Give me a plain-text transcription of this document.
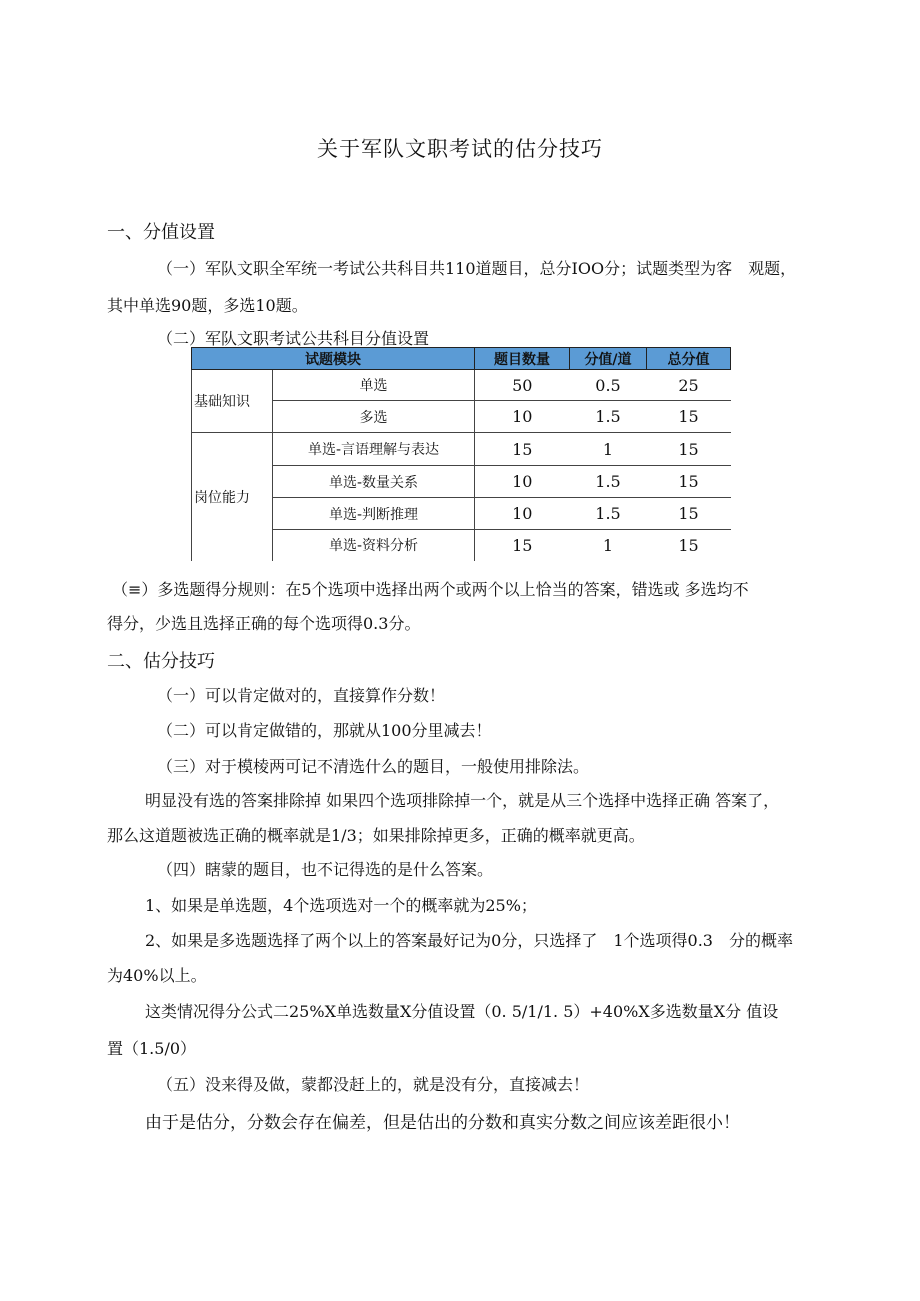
关于军队文职考试的估分技巧
一、分值设置
（一）军队文职全军统一考试公共科目共110道题目，总分IOO分；试题类型为客　观题，
其中单选90题，多选10题。
（二）军队文职考试公共科目分值设置
试题模块		题目数量	分值/道	总分值
基础知识	单选	50	0.5	25
	多选	10	1.5	15
岗位能力	单选-言语理解与表达	15	1	15
	单选-数量关系	10	1.5	15
	单选-判断推理	10	1.5	15
	单选-资料分析	15	1	15
（≡）多选题得分规则：在5个选项中选择出两个或两个以上恰当的答案，错选或 多选均不
得分，少选且选择正确的每个选项得0.3分。
二、估分技巧
（一）可以肯定做对的，直接算作分数！
（二）可以肯定做错的，那就从100分里减去！
（三）对于模棱两可记不清选什么的题目，一般使用排除法。
明显没有选的答案排除掉 如果四个选项排除掉一个，就是从三个选择中选择正确 答案了，
那么这道题被选正确的概率就是1/3；如果排除掉更多，正确的概率就更高。
（四）瞎蒙的题目，也不记得选的是什么答案。
1、如果是单选题，4个选项选对一个的概率就为25%；
2、如果是多选题选择了两个以上的答案最好记为0分，只选择了　1个选项得0.3　分的概率
为40%以上。
这类情况得分公式二25%X单选数量X分值设置（0. 5/1/1. 5）+40%X多选数量X分 值设
置（1.5/0）
（五）没来得及做，蒙都没赶上的，就是没有分，直接减去！
由于是估分，分数会存在偏差，但是估出的分数和真实分数之间应该差距很小！
